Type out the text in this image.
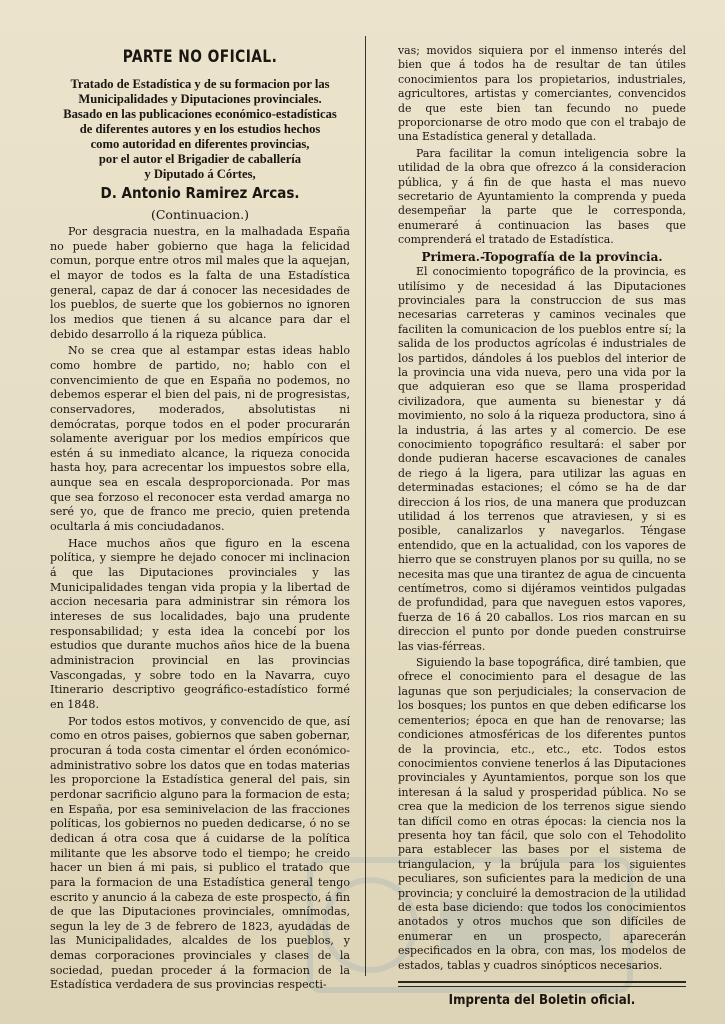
PARTE NO OFICIAL.
Tratado de Estadística y de su formacion por las
Municipalidades y Diputaciones provinciales.
Basado en las publicaciones económico-estadísticas
de diferentes autores y en los estudios hechos
como autoridad en diferentes provincias,
por el autor el Brigadier de caballería
y Diputado á Córtes,
D. Antonio Ramirez Arcas.
(Continuacion.)

Por desgracia nuestra, en la malhadada España no puede haber gobierno que haga la felicidad comun, porque entre otros mil males que la aquejan, el mayor de todos es la falta de una Estadística general, capaz de dar á conocer las necesidades de los pueblos, de suerte que los gobiernos no ignoren los medios que tienen á su alcance para dar el debido desarrollo á la riqueza pública.

No se crea que al estampar estas ideas hablo como hombre de partido, no; hablo con el convencimiento de que en España no podemos, no debemos esperar el bien del pais, ni de progresistas, conservadores, moderados, absolutistas ni demócratas, porque todos en el poder procurarán solamente averiguar por los medios empíricos que estén á su inmediato alcance, la riqueza conocida hasta hoy, para acrecentar los impuestos sobre ella, aunque sea en escala desproporcionada. Por mas que sea forzoso el reconocer esta verdad amarga no seré yo, que de franco me precio, quien pretenda ocultarla á mis conciudadanos.

Hace muchos años que figuro en la escena política, y siempre he dejado conocer mi inclinacion á que las Diputaciones provinciales y las Municipalidades tengan vida propia y la libertad de accion necesaria para administrar sin rémora los intereses de sus localidades, bajo una prudente responsabilidad; y esta idea la concebí por los estudios que durante muchos años hice de la buena administracion provincial en las provincias Vascongadas, y sobre todo en la Navarra, cuyo Itinerario descriptivo geográfico-estadístico formé en 1848.

Por todos estos motivos, y convencido de que, así como en otros paises, gobiernos que saben gobernar, procuran á toda costa cimentar el órden económico-administrativo sobre los datos que en todas materias les proporcione la Estadística general del pais, sin perdonar sacrificio alguno para la formacion de esta; en España, por esa seminivelacion de las fracciones políticas, los gobiernos no pueden dedicarse, ó no se dedican á otra cosa que á cuidarse de la política militante que les absorve todo el tiempo; he creido hacer un bien á mi pais, si publico el tratado que para la formacion de una Estadística general tengo escrito y anuncio á la cabeza de este prospecto, á fin de que las Diputaciones provinciales, omnímodas, segun la ley de 3 de febrero de 1823, ayudadas de las Municipalidades, alcaldes de los pueblos, y demas corporaciones provinciales y clases de la sociedad, puedan proceder á la formacion de la Estadística verdadera de sus provincias respecti-

vas; movidos siquiera por el inmenso interés del bien que á todos ha de resultar de tan útiles conocimientos para los propietarios, industriales, agricultores, artistas y comerciantes, convencidos de que este bien tan fecundo no puede proporcionarse de otro modo que con el trabajo de una Estadística general y detallada.

Para facilitar la comun inteligencia sobre la utilidad de la obra que ofrezco á la consideracion pública, y á fin de que hasta el mas nuevo secretario de Ayuntamiento la comprenda y pueda desempeñar la parte que le corresponda, enumeraré á continuacion las bases que comprenderá el tratado de Estadística.

Primera.-Topografía de la provincia.

El conocimiento topográfico de la provincia, es utilísimo y de necesidad á las Diputaciones provinciales para la construccion de sus mas necesarias carreteras y caminos vecinales que faciliten la comunicacion de los pueblos entre sí; la salida de los productos agrícolas é industriales de los partidos, dándoles á los pueblos del interior de la provincia una vida nueva, pero una vida por la que adquieran eso que se llama prosperidad civilizadora, que aumenta su bienestar y dá movimiento, no solo á la riqueza productora, sino á la industria, á las artes y al comercio. De ese conocimiento topográfico resultará: el saber por donde pudieran hacerse escavaciones de canales de riego á la ligera, para utilizar las aguas en determinadas estaciones; el cómo se ha de dar direccion á los rios, de una manera que produzcan utilidad á los terrenos que atraviesen, y si es posible, canalizarlos y navegarlos. Téngase entendido, que en la actualidad, con los vapores de hierro que se construyen planos por su quilla, no se necesita mas que una tirantez de agua de cincuenta centímetros, como si dijéramos veintidos pulgadas de profundidad, para que naveguen estos vapores, fuerza de 16 á 20 caballos. Los rios marcan en su direccion el punto por donde pueden construirse las vias-férreas.

Siguiendo la base topográfica, diré tambien, que ofrece el conocimiento para el desague de las lagunas que son perjudiciales; la conservacion de los bosques; los puntos en que deben edificarse los cementerios; época en que han de renovarse; las condiciones atmosféricas de los diferentes puntos de la provincia, etc., etc., etc. Todos estos conocimientos conviene tenerlos á las Diputaciones provinciales y Ayuntamientos, porque son los que interesan á la salud y prosperidad pública. No se crea que la medicion de los terrenos sigue siendo tan difícil como en otras épocas: la ciencia nos la presenta hoy tan fácil, que solo con el Tehodolito para establecer las bases por el sistema de triangulacion, y la brújula para los siguientes peculiares, son suficientes para la medicion de una provincia; y concluiré la demostracion de la utilidad de esta base diciendo: que todos los conocimientos anotados y otros muchos que son difíciles de enumerar en un prospecto, aparecerán especificados en la obra, con mas, los modelos de estados, tablas y cuadros sinópticos necesarios.

Imprenta del Boletin oficial.
